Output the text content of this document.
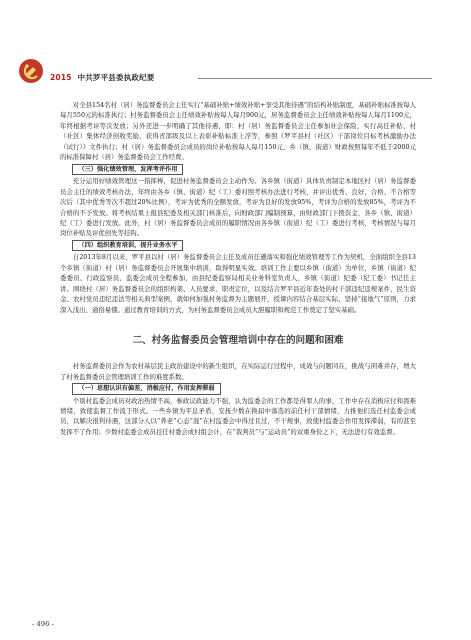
2015 中共罗平县委执政纪要

对全县154名村（居）务监督委员会主任实行“基础补贴+绩效补贴+享受其他待遇”的结构补贴制度，基础补贴标准按每人每月550元的标准执行；村务监督委员会主任绩效补贴按每人每月900元，居务监督委员会主任绩效补贴按每人每月1100元，年终根据考评等次发放；另外还进一步明确了其他待遇，即：村（居）务监督委员会主任参加社会保险，实行高任补贴、村（社区）集体经济创收奖励，获得省部级及以上表彰补贴标准上浮等，参照《罗平县村（社区）干部岗位目标考核激励办法（试行）》文件执行；村（居）务监督委员会成员的岗位补贴按每人每月150元，乡（镇、街道）财政按照每年不低于2000元的标准保障村（居）务监督委员会工作经费。

（三）强化绩效管理，发挥考评作用

充分运用好绩效管理这一指挥棒，促进村务监督委员会主动作为。各乡镇（街道）具体负责制定本地区村（居）务监督委员会主任的绩效考核办法，年终由各乡（镇、街道）纪（工）委对照考核办法进行考核，并评出优秀、良好、合格、不合格等次后（其中优秀等次不超过20%比例），考评为优秀的全额发放，考评为良好的发放95%，考评为合格的发放85%，考评为不合格的不予发放。将考核结果上报县纪委及相关部门核准后，向财政部门编制预算，由财政部门下拨资金，各乡（镇、街道）纪（工）委进行发放。此外，村（居）务监督委员会成员的履职情况由各乡镇（街道）纪（工）委进行考核，考核情况与每月岗位补贴及评优创先等挂钩。

（四）组织教育培训，提升业务水平

自2013年8月以来，罗平县以村（居）务监督委员会主任及成员任遴落实和强化绩效管理等工作为契机，全面组织全县13个乡镇（街道）村（居）务监督委员会开展集中培训，取得明显实效。培训工作主要以乡镇（街道）为单位，乡镇（街道）纪委委员、行政监察员、监委会成员全程参加，由县纪委监察局相关业务科室负责人、乡镇（街道）纪委（纪工委）书记任主讲。围绕村（居）务监督委员会的组织构架、人员要求、职责定位，以及结合罗平县近年查处的村干部违纪违规案件，民生资金、农村党员违纪违法等相关典型案例，就如何加强村务监督为主题展开，授课内容结合基层实际，坚持“接地气”原则，力求深入浅出、通俗易懂。通过教育培训的方式，为村务监督委员会成员大胆履职和规范工作奠定了坚实基础。

二、村务监督委员会管理培训中存在的问题和困难

村务监督委员会作为农村基层民主政治建设中的新生组织，在实际运行过程中，成效与问题同在，挑战与困难并存，增大了村务监督委员会管理培训工作的难度系数。

（一）思想认识有偏差，消极应付，作用发挥滞弱

个别村监委会成员对政治热情不高，参政议政能力不强，认为监委会的工作都是得罪人的事，工作中存在消极应付和畏难情绪，致使监督工作流于形式。一些乡镇为平息矛盾，安抚少数在换届中落选的前任村干部情绪，力推他们选任村监委会成员，以解决很利待遇，这部分人以“养老”心态“混”在村监委会中得过且过，不干规事，致使村监委会作用发挥滞弱，有的甚至发挥不了作用；少数村监委会成员挂任村委会或村组会计，在“裁判员”与“运动员”的双重身份之下，无法进行有效监督。

- 496 -
